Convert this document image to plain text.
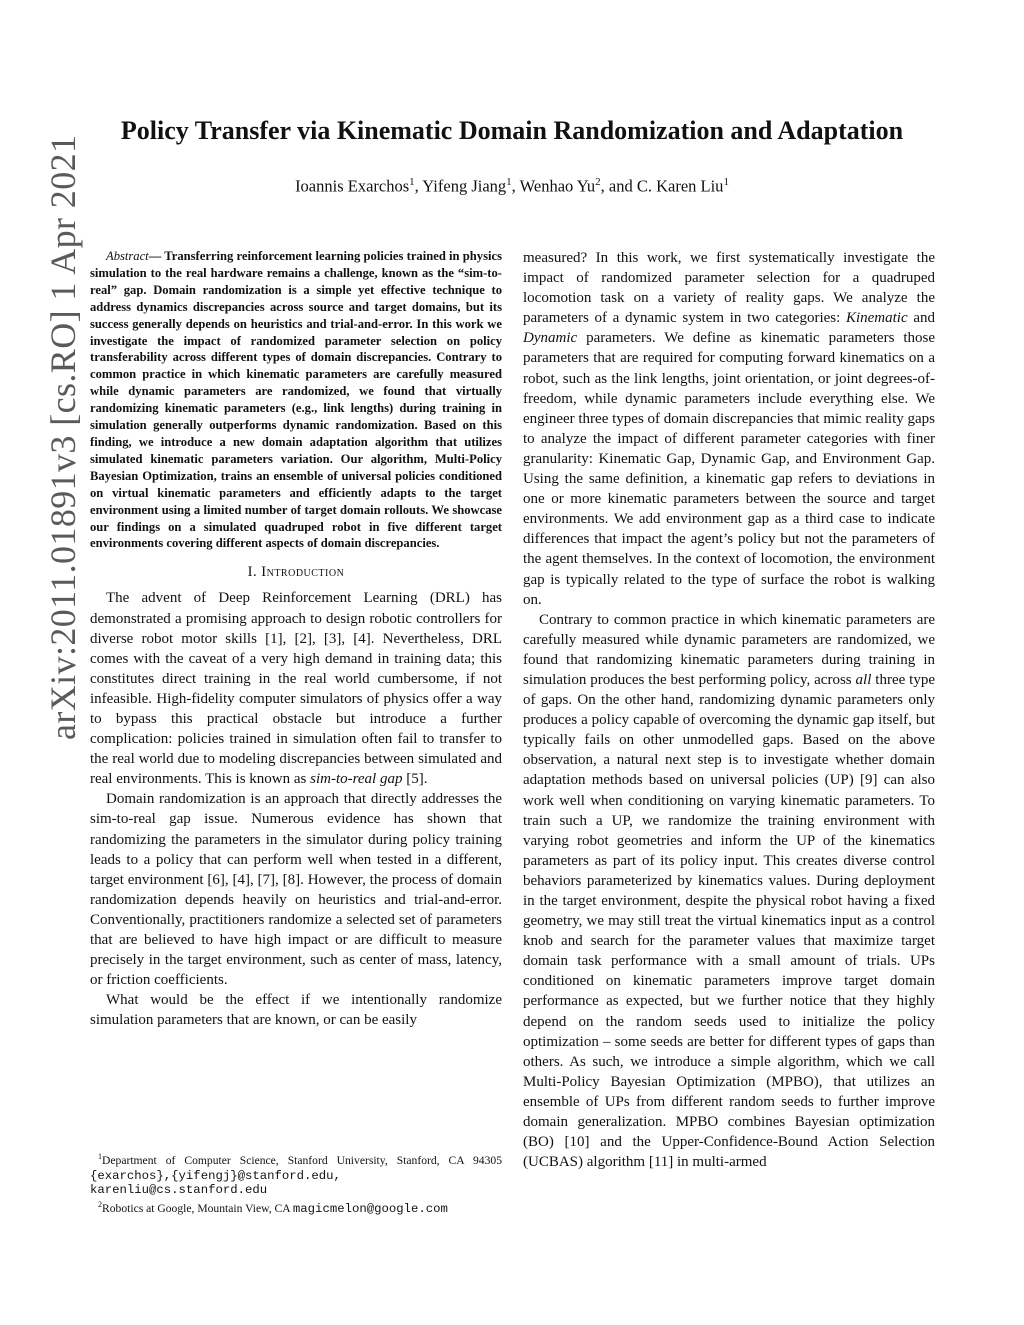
arXiv:2011.01891v3 [cs.RO] 1 Apr 2021
Policy Transfer via Kinematic Domain Randomization and Adaptation
Ioannis Exarchos$^1$, Yifeng Jiang$^1$, Wenhao Yu$^2$, and C. Karen Liu$^1$

Abstract— Transferring reinforcement learning policies trained in physics simulation to the real hardware remains a challenge, known as the “sim-to-real” gap. Domain randomization is a simple yet effective technique to address dynamics discrepancies across source and target domains, but its success generally depends on heuristics and trial-and-error. In this work we investigate the impact of randomized parameter selection on policy transferability across different types of domain discrepancies. Contrary to common practice in which kinematic parameters are carefully measured while dynamic parameters are randomized, we found that virtually randomizing kinematic parameters (e.g., link lengths) during training in simulation generally outperforms dynamic randomization. Based on this finding, we introduce a new domain adaptation algorithm that utilizes simulated kinematic parameters variation. Our algorithm, Multi-Policy Bayesian Optimization, trains an ensemble of universal policies conditioned on virtual kinematic parameters and efficiently adapts to the target environment using a limited number of target domain rollouts. We showcase our findings on a simulated quadruped robot in five different target environments covering different aspects of domain discrepancies.

I. Introduction

The advent of Deep Reinforcement Learning (DRL) has demonstrated a promising approach to design robotic controllers for diverse robot motor skills [1], [2], [3], [4]. Nevertheless, DRL comes with the caveat of a very high demand in training data; this constitutes direct training in the real world cumbersome, if not infeasible. High-fidelity computer simulators of physics offer a way to bypass this practical obstacle but introduce a further complication: policies trained in simulation often fail to transfer to the real world due to modeling discrepancies between simulated and real environments. This is known as sim-to-real gap [5].

Domain randomization is an approach that directly addresses the sim-to-real gap issue. Numerous evidence has shown that randomizing the parameters in the simulator during policy training leads to a policy that can perform well when tested in a different, target environment [6], [4], [7], [8]. However, the process of domain randomization depends heavily on heuristics and trial-and-error. Conventionally, practitioners randomize a selected set of parameters that are believed to have high impact or are difficult to measure precisely in the target environment, such as center of mass, latency, or friction coefficients.

What would be the effect if we intentionally randomize simulation parameters that are known, or can be easily

$^1$Department of Computer Science, Stanford University, Stanford, CA 94305 {exarchos},{yifengj}@stanford.edu, karenliu@cs.stanford.edu

$^2$Robotics at Google, Mountain View, CA magicmelon@google.com

measured? In this work, we first systematically investigate the impact of randomized parameter selection for a quadruped locomotion task on a variety of reality gaps. We analyze the parameters of a dynamic system in two categories: Kinematic and Dynamic parameters. We define as kinematic parameters those parameters that are required for computing forward kinematics on a robot, such as the link lengths, joint orientation, or joint degrees-of-freedom, while dynamic parameters include everything else. We engineer three types of domain discrepancies that mimic reality gaps to analyze the impact of different parameter categories with finer granularity: Kinematic Gap, Dynamic Gap, and Environment Gap. Using the same definition, a kinematic gap refers to deviations in one or more kinematic parameters between the source and target environments. We add environment gap as a third case to indicate differences that impact the agent’s policy but not the parameters of the agent themselves. In the context of locomotion, the environment gap is typically related to the type of surface the robot is walking on.

Contrary to common practice in which kinematic parameters are carefully measured while dynamic parameters are randomized, we found that randomizing kinematic parameters during training in simulation produces the best performing policy, across all three type of gaps. On the other hand, randomizing dynamic parameters only produces a policy capable of overcoming the dynamic gap itself, but typically fails on other unmodelled gaps. Based on the above observation, a natural next step is to investigate whether domain adaptation methods based on universal policies (UP) [9] can also work well when conditioning on varying kinematic parameters. To train such a UP, we randomize the training environment with varying robot geometries and inform the UP of the kinematics parameters as part of its policy input. This creates diverse control behaviors parameterized by kinematics values. During deployment in the target environment, despite the physical robot having a fixed geometry, we may still treat the virtual kinematics input as a control knob and search for the parameter values that maximize target domain task performance with a small amount of trials. UPs conditioned on kinematic parameters improve target domain performance as expected, but we further notice that they highly depend on the random seeds used to initialize the policy optimization – some seeds are better for different types of gaps than others. As such, we introduce a simple algorithm, which we call Multi-Policy Bayesian Optimization (MPBO), that utilizes an ensemble of UPs from different random seeds to further improve domain generalization. MPBO combines Bayesian optimization (BO) [10] and the Upper-Confidence-Bound Action Selection (UCBAS) algorithm [11] in multi-armed
